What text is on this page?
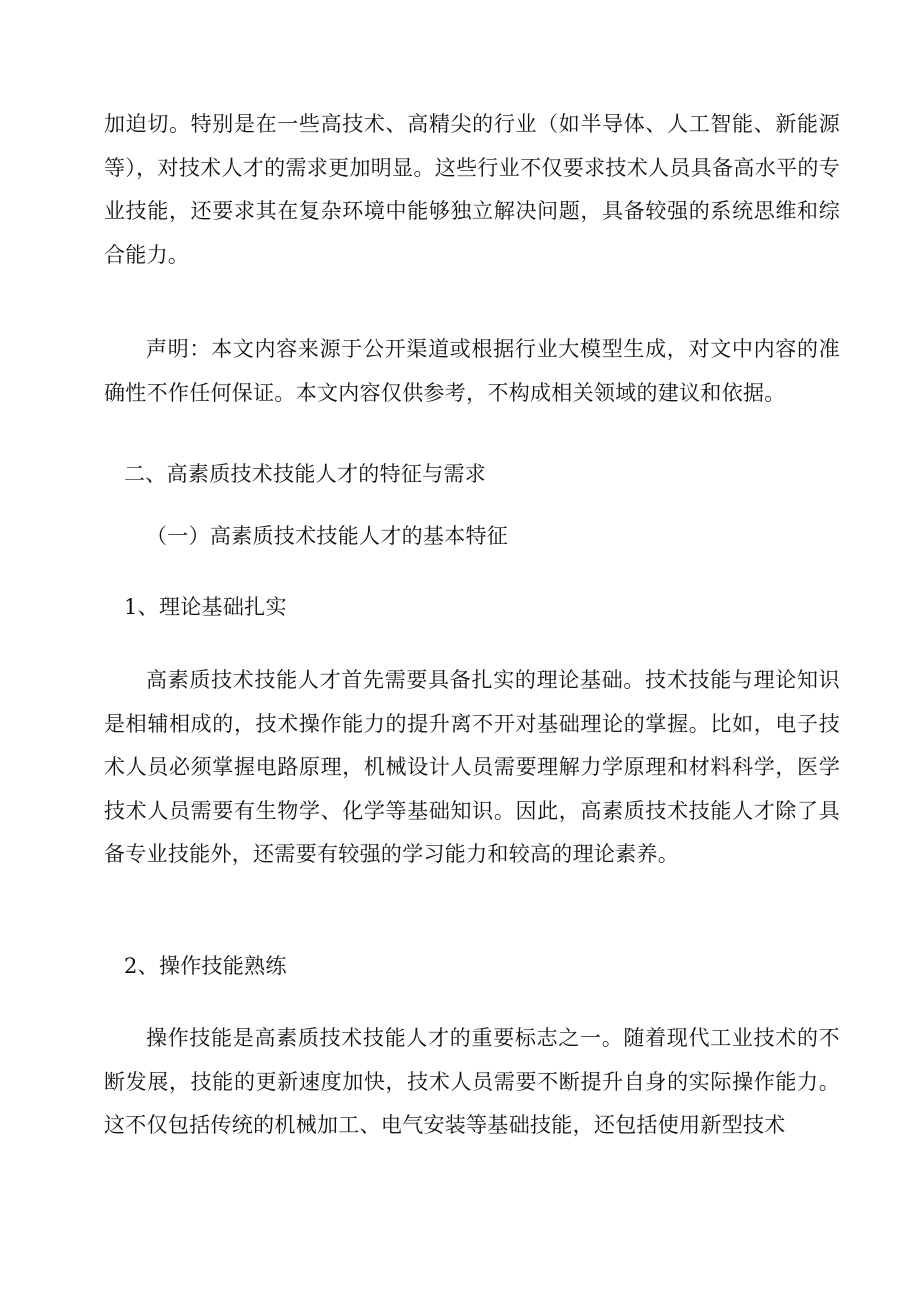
加迫切。特别是在一些高技术、高精尖的行业（如半导体、人工智能、新能源等），对技术人才的需求更加明显。这些行业不仅要求技术人员具备高水平的专业技能，还要求其在复杂环境中能够独立解决问题，具备较强的系统思维和综合能力。

声明：本文内容来源于公开渠道或根据行业大模型生成，对文中内容的准确性不作任何保证。本文内容仅供参考，不构成相关领域的建议和依据。

二、高素质技术技能人才的特征与需求
（一）高素质技术技能人才的基本特征
1、理论基础扎实

高素质技术技能人才首先需要具备扎实的理论基础。技术技能与理论知识是相辅相成的，技术操作能力的提升离不开对基础理论的掌握。比如，电子技术人员必须掌握电路原理，机械设计人员需要理解力学原理和材料科学，医学技术人员需要有生物学、化学等基础知识。因此，高素质技术技能人才除了具备专业技能外，还需要有较强的学习能力和较高的理论素养。

2、操作技能熟练

操作技能是高素质技术技能人才的重要标志之一。随着现代工业技术的不断发展，技能的更新速度加快，技术人员需要不断提升自身的实际操作能力。这不仅包括传统的机械加工、电气安装等基础技能，还包括使用新型技术
